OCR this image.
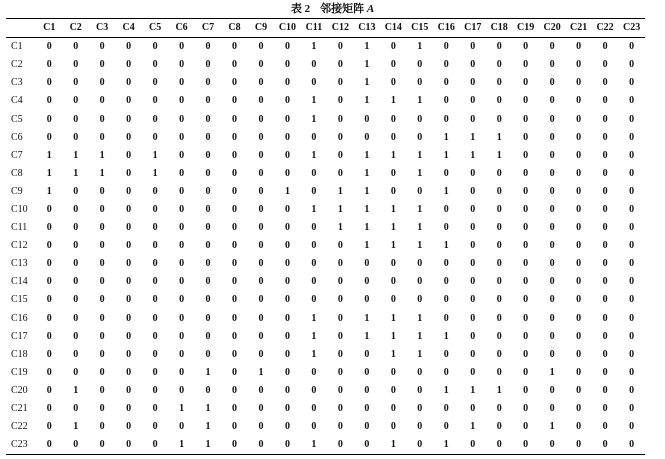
表 2 邻接矩阵 A
	C1	C2	C3	C4	C5	C6	C7	C8	C9	C10	C11	C12	C13	C14	C15	C16	C17	C18	C19	C20	C21	C22	C23
C1	0	0	0	0	0	0	0	0	0	0	1	0	1	0	1	0	0	0	0	0	0	0	0
C2	0	0	0	0	0	0	0	0	0	0	0	0	1	0	0	0	0	0	0	0	0	0	0
C3	0	0	0	0	0	0	0	0	0	0	0	0	1	0	0	0	0	0	0	0	0	0	0
C4	0	0	0	0	0	0	0	0	0	0	1	0	1	1	1	0	0	0	0	0	0	0	0
C5	0	0	0	0	0	0	0	0	0	0	1	0	0	0	0	0	0	0	0	0	0	0	0
C6	0	0	0	0	0	0	0	0	0	0	0	0	0	0	0	1	1	1	0	0	0	0	0
C7	1	1	1	0	1	0	0	0	0	0	1	0	1	1	1	1	1	1	0	0	0	0	0
C8	1	1	1	0	1	0	0	0	0	0	0	0	1	0	1	0	0	0	0	0	0	0	0
C9	1	0	0	0	0	0	0	0	0	1	0	1	1	0	0	1	0	0	0	0	0	0	0
C10	0	0	0	0	0	0	0	0	0	0	1	1	1	1	1	0	0	0	0	0	0	0	0
C11	0	0	0	0	0	0	0	0	0	0	0	1	1	1	1	0	0	0	0	0	0	0	0
C12	0	0	0	0	0	0	0	0	0	0	0	0	1	1	1	1	0	0	0	0	0	0	0
C13	0	0	0	0	0	0	0	0	0	0	0	0	0	0	0	0	0	0	0	0	0	0	0
C14	0	0	0	0	0	0	0	0	0	0	0	0	0	0	0	0	0	0	0	0	0	0	0
C15	0	0	0	0	0	0	0	0	0	0	0	0	0	0	0	0	0	0	0	0	0	0	0
C16	0	0	0	0	0	0	0	0	0	0	1	0	1	1	1	0	0	0	0	0	0	0	0
C17	0	0	0	0	0	0	0	0	0	0	1	0	1	1	1	1	0	0	0	0	0	0	0
C18	0	0	0	0	0	0	0	0	0	0	1	0	0	1	1	0	0	0	0	0	0	0	0
C19	0	0	0	0	0	0	1	0	1	0	0	0	0	0	0	0	0	0	0	1	0	0	0
C20	0	1	0	0	0	0	0	0	0	0	0	0	0	0	0	1	1	1	0	0	0	0	0
C21	0	0	0	0	0	1	1	0	0	0	0	0	0	0	0	0	0	0	0	0	0	0	0
C22	0	1	0	0	0	0	1	0	0	0	0	0	0	0	0	0	1	0	0	1	0	0	0
C23	0	0	0	0	0	1	1	0	0	0	1	0	0	1	0	1	0	0	0	0	0	0	0
